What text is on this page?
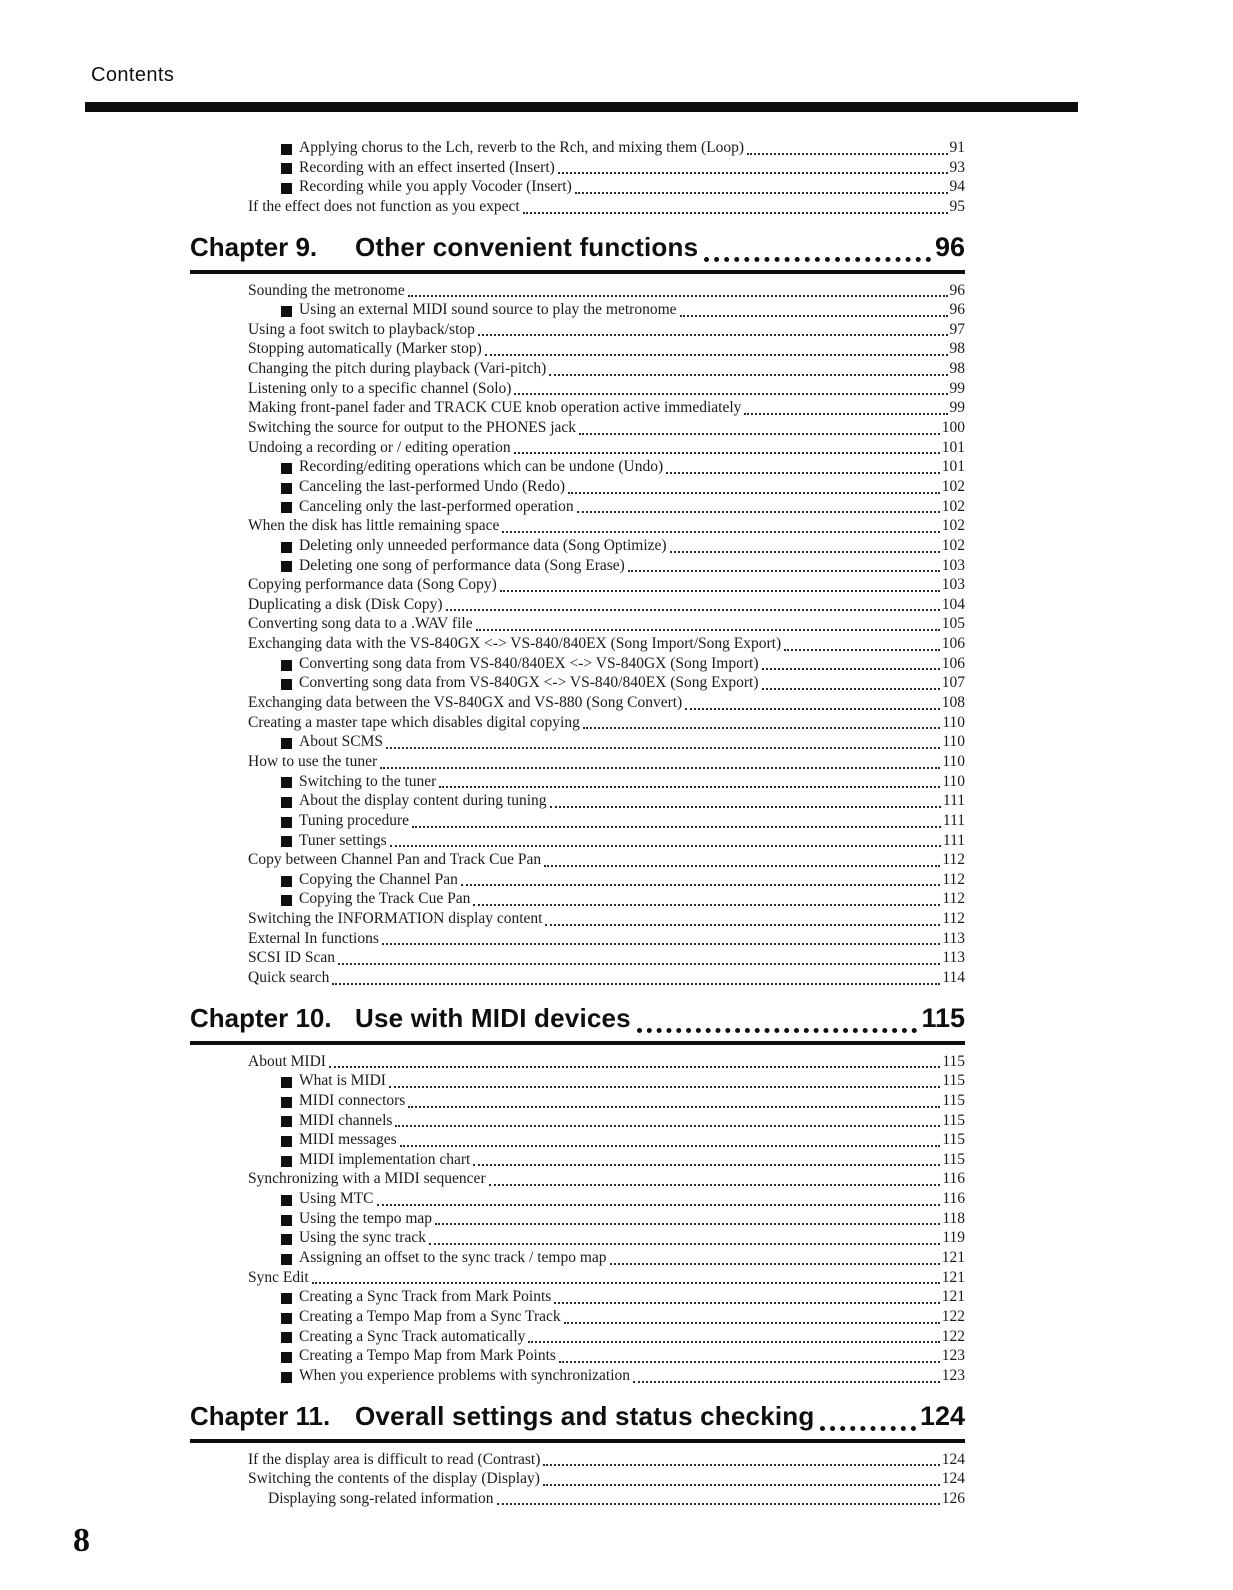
Contents
Applying chorus to the Lch, reverb to the Rch, and mixing them (Loop)	91
Recording with an effect inserted (Insert)	93
Recording while you apply Vocoder (Insert)	94
If the effect does not function as you expect	95
Chapter 9.	Other convenient functions	96
Sounding the metronome	96
Using an external MIDI sound source to play the metronome	96
Using a foot switch to playback/stop	97
Stopping automatically (Marker stop)	98
Changing the pitch during playback (Vari-pitch)	98
Listening only to a specific channel (Solo)	99
Making front-panel fader and TRACK CUE knob operation active immediately	99
Switching the source for output to the PHONES jack	100
Undoing a recording or / editing operation	101
Recording/editing operations which can be undone (Undo)	101
Canceling the last-performed Undo (Redo)	102
Canceling only the last-performed operation	102
When the disk has little remaining space	102
Deleting only unneeded performance data (Song Optimize)	102
Deleting one song of performance data (Song Erase)	103
Copying performance data (Song Copy)	103
Duplicating a disk (Disk Copy)	104
Converting song data to a .WAV file	105
Exchanging data with the VS-840GX <-> VS-840/840EX (Song Import/Song Export)	106
Converting song data from VS-840/840EX <-> VS-840GX (Song Import)	106
Converting song data from VS-840GX <-> VS-840/840EX (Song Export)	107
Exchanging data between the VS-840GX and VS-880 (Song Convert)	108
Creating a master tape which disables digital copying	110
About SCMS	110
How to use the tuner	110
Switching to the tuner	110
About the display content during tuning	111
Tuning procedure	111
Tuner settings	111
Copy between Channel Pan and Track Cue Pan	112
Copying the Channel Pan	112
Copying the Track Cue Pan	112
Switching the INFORMATION display content	112
External In functions	113
SCSI ID Scan	113
Quick search	114
Chapter 10. Use with MIDI devices	115
About MIDI	115
What is MIDI	115
MIDI connectors	115
MIDI channels	115
MIDI messages	115
MIDI implementation chart	115
Synchronizing with a MIDI sequencer	116
Using MTC	116
Using the tempo map	118
Using the sync track	119
Assigning an offset to the sync track / tempo map	121
Sync Edit	121
Creating a Sync Track from Mark Points	121
Creating a Tempo Map from a Sync Track	122
Creating a Sync Track automatically	122
Creating a Tempo Map from Mark Points	123
When you experience problems with synchronization	123
Chapter 11. Overall settings and status checking	124
If the display area is difficult to read (Contrast)	124
Switching the contents of the display (Display)	124
Displaying song-related information	126
8
